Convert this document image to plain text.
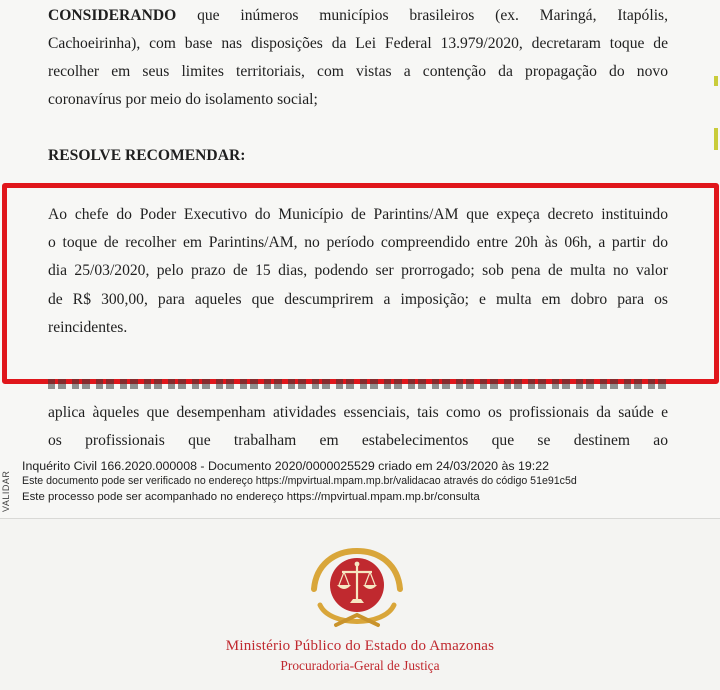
CONSIDERANDO que inúmeros municípios brasileiros (ex. Maringá, Itapólis,
Cachoeirinha), com base nas disposições da Lei Federal 13.979/2020, decretaram toque de
recolher em seus limites territoriais, com vistas a contenção da propagação do novo
coronavírus por meio do isolamento social;
RESOLVE RECOMENDAR:
Ao chefe do Poder Executivo do Município de Parintins/AM que expeça decreto instituindo
o toque de recolher em Parintins/AM, no período compreendido entre 20h às 06h, a partir do
dia 25/03/2020, pelo prazo de 15 dias, podendo ser prorrogado; sob pena de multa no valor
de R$ 300,00, para aqueles que descumprirem a imposição; e multa em dobro para os
reincidentes.
aplica àqueles que desempenham atividades essenciais, tais como os profissionais da saúde e
os profissionais que trabalham em estabelecimentos que se destinem ao
VALIDAR
Inquérito Civil 166.2020.000008 - Documento 2020/0000025529 criado em 24/03/2020 às 19:22
Este documento pode ser verificado no endereço https://mpvirtual.mpam.mp.br/validacao através do código 51e91c5d
Este processo pode ser acompanhado no endereço https://mpvirtual.mpam.mp.br/consulta
Ministério Público do Estado do Amazonas
Procuradoria-Geral de Justiça
